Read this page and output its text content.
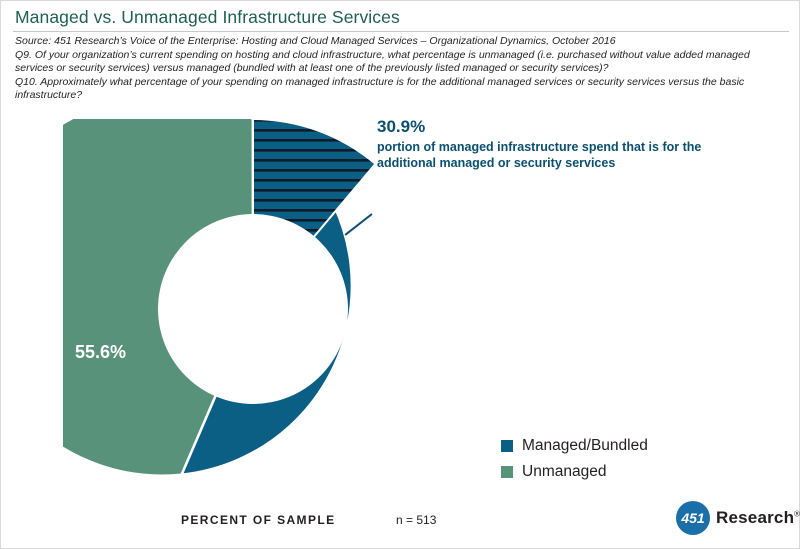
Managed vs. Unmanaged Infrastructure Services
Source: 451 Research’s Voice of the Enterprise: Hosting and Cloud Managed Services – Organizational Dynamics, October 2016
Q9. Of your organization’s current spending on hosting and cloud infrastructure, what percentage is unmanaged (i.e. purchased without value added managed services or security services) versus managed (bundled with at least one of the previously listed managed or security services)?
Q10. Approximately what percentage of your spending on managed infrastructure is for the additional managed services or security services versus the basic infrastructure?
44.4%
55.6%
30.9%
portion of managed infrastructure spend that is for the additional managed or security services
Managed/Bundled
Unmanaged
PERCENT OF SAMPLE	n = 513	451 Research®
